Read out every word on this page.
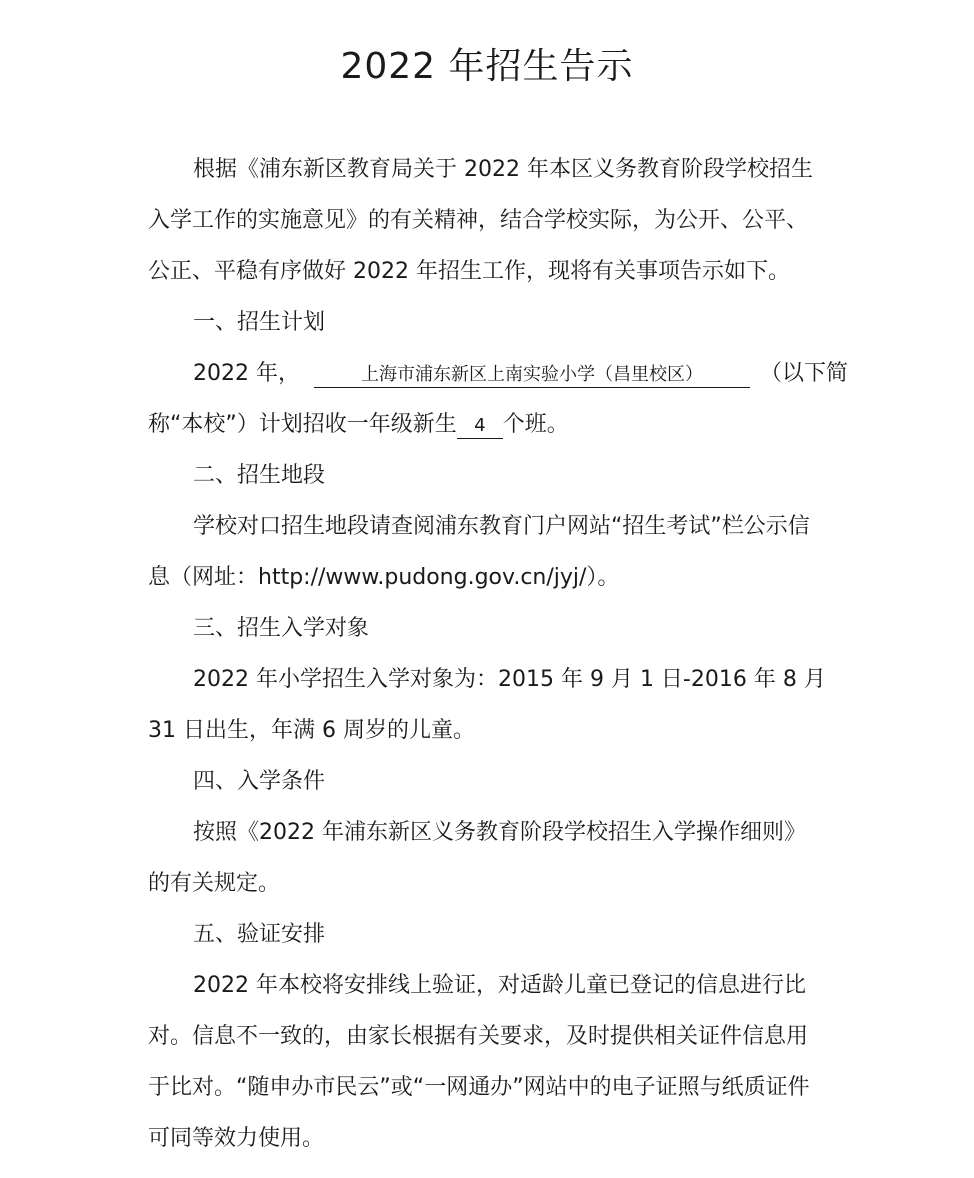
2022 年招生告示
根据《浦东新区教育局关于 2022 年本区义务教育阶段学校招生
入学工作的实施意见》的有关精神，结合学校实际，为公开、公平、
公正、平稳有序做好 2022 年招生工作，现将有关事项告示如下。
一、招生计划
2022 年，	上海市浦东新区上南实验小学（昌里校区）	（以下简
称“本校”）计划招收一年级新生 4 个班。
二、招生地段
学校对口招生地段请查阅浦东教育门户网站“招生考试”栏公示信
息（网址：http://www.pudong.gov.cn/jyj/）。
三、招生入学对象
2022 年小学招生入学对象为：2015 年 9 月 1 日-2016 年 8 月
31 日出生，年满 6 周岁的儿童。
四、入学条件
按照《2022 年浦东新区义务教育阶段学校招生入学操作细则》
的有关规定。
五、验证安排
2022 年本校将安排线上验证，对适龄儿童已登记的信息进行比
对。信息不一致的，由家长根据有关要求，及时提供相关证件信息用
于比对。“随申办市民云”或“一网通办”网站中的电子证照与纸质证件
可同等效力使用。
